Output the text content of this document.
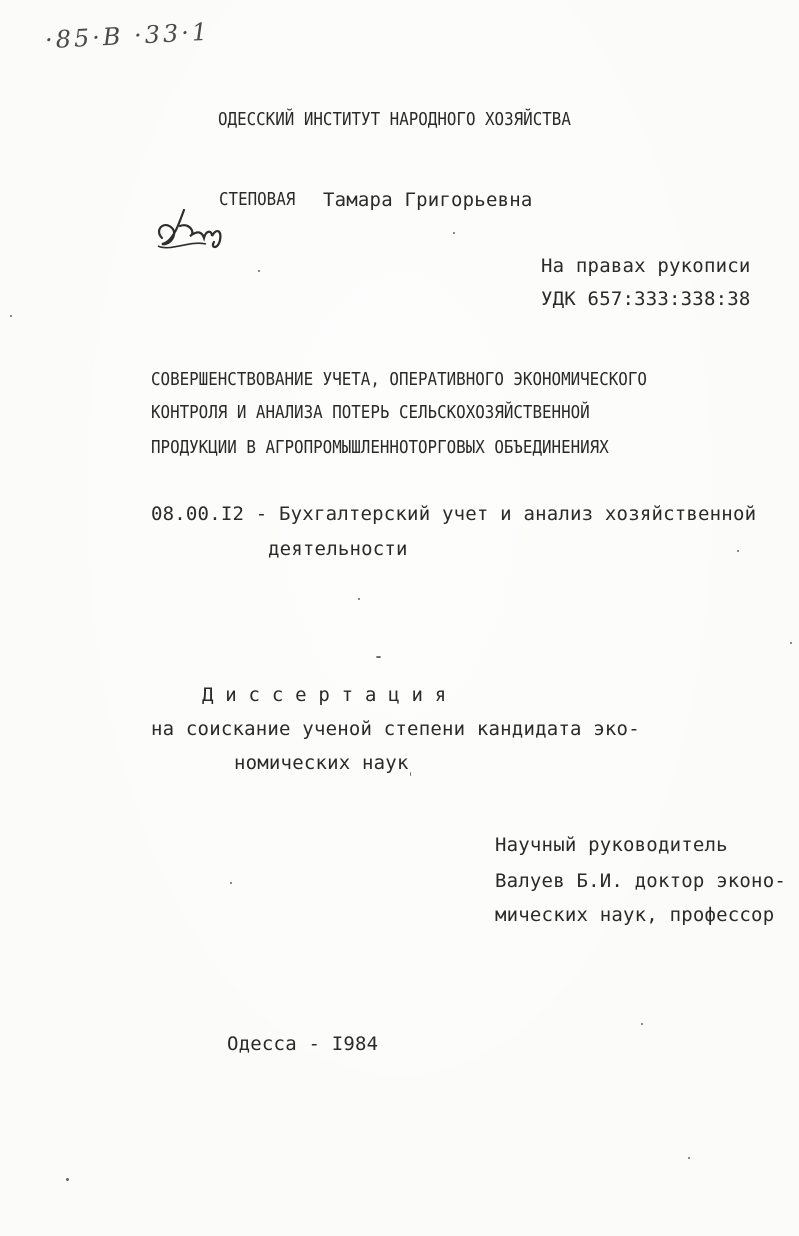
·85·В ·33·1
ОДЕССКИЙ ИНСТИТУТ НАРОДНОГО ХОЗЯЙСТВА
СТЕПОВАЯ Тамара Григорьевна
На правах рукописи
УДК 657:333:338:38
СОВЕРШЕНСТВОВАНИЕ УЧЕТА, ОПЕРАТИВНОГО ЭКОНОМИЧЕСКОГО
КОНТРОЛЯ И АНАЛИЗА ПОТЕРЬ СЕЛЬСКОХОЗЯЙСТВЕННОЙ
ПРОДУКЦИИ В АГРОПРОМЫШЛЕННОТОРГОВЫХ ОБЪЕДИНЕНИЯХ
08.00.I2 - Бухгалтерский учет и анализ хозяйственной
деятельности
Д и с с е р т а ц и я
на соискание ученой степени кандидата эко-
номических наук
Научный руководитель
Валуев Б.И. доктор эконо-
мических наук, профессор
Одесса - I984
